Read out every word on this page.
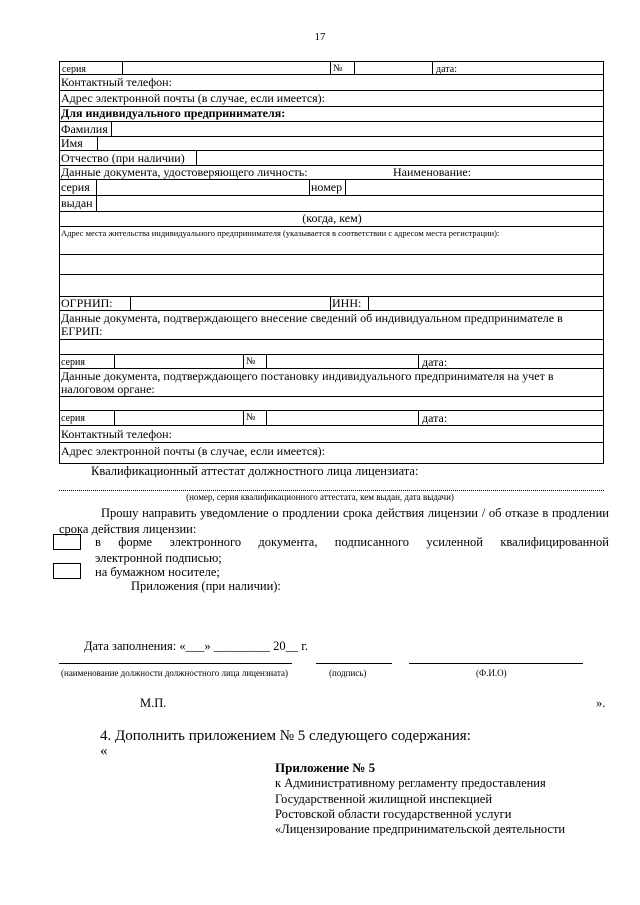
17
серия	№	дата:
Контактный телефон:
Адрес электронной почты (в случае, если имеется):
Для индивидуального предпринимателя:
Фамилия
Имя
Отчество (при наличии)
Данные документа, удостоверяющего личность:	Наименование:
серия	номер
выдан
(когда, кем)
Адрес места жительства индивидуального предпринимателя (указывается в соответствии с адресом места регистрации):
ОГРНИП:	ИНН:
Данные документа, подтверждающего внесение сведений об индивидуальном предпринимателе в ЕГРИП:
серия	№	дата:
Данные документа, подтверждающего постановку индивидуального предпринимателя на учет в налоговом органе:
серия	№	дата:
Контактный телефон:
Адрес электронной почты (в случае, если имеется):
Квалификационный аттестат должностного лица лицензиата:
(номер, серия квалификационного аттестата, кем выдан, дата выдачи)
Прошу направить уведомление о продлении срока действия лицензии / об отказе в продлении срока действия лицензии:
в форме электронного документа, подписанного усиленной квалифицированной
электронной подписью;
на бумажном носителе;
Приложения (при наличии):
Дата заполнения: «___» _________ 20__ г.
(наименование должности должностного лица лицензиата)	(подпись)	(Ф.И.О)
М.П.	».
4. Дополнить приложением № 5 следующего содержания:
«
Приложение № 5
к Административному регламенту предоставления
Государственной жилищной инспекцией
Ростовской области государственной услуги
«Лицензирование предпринимательской деятельности
